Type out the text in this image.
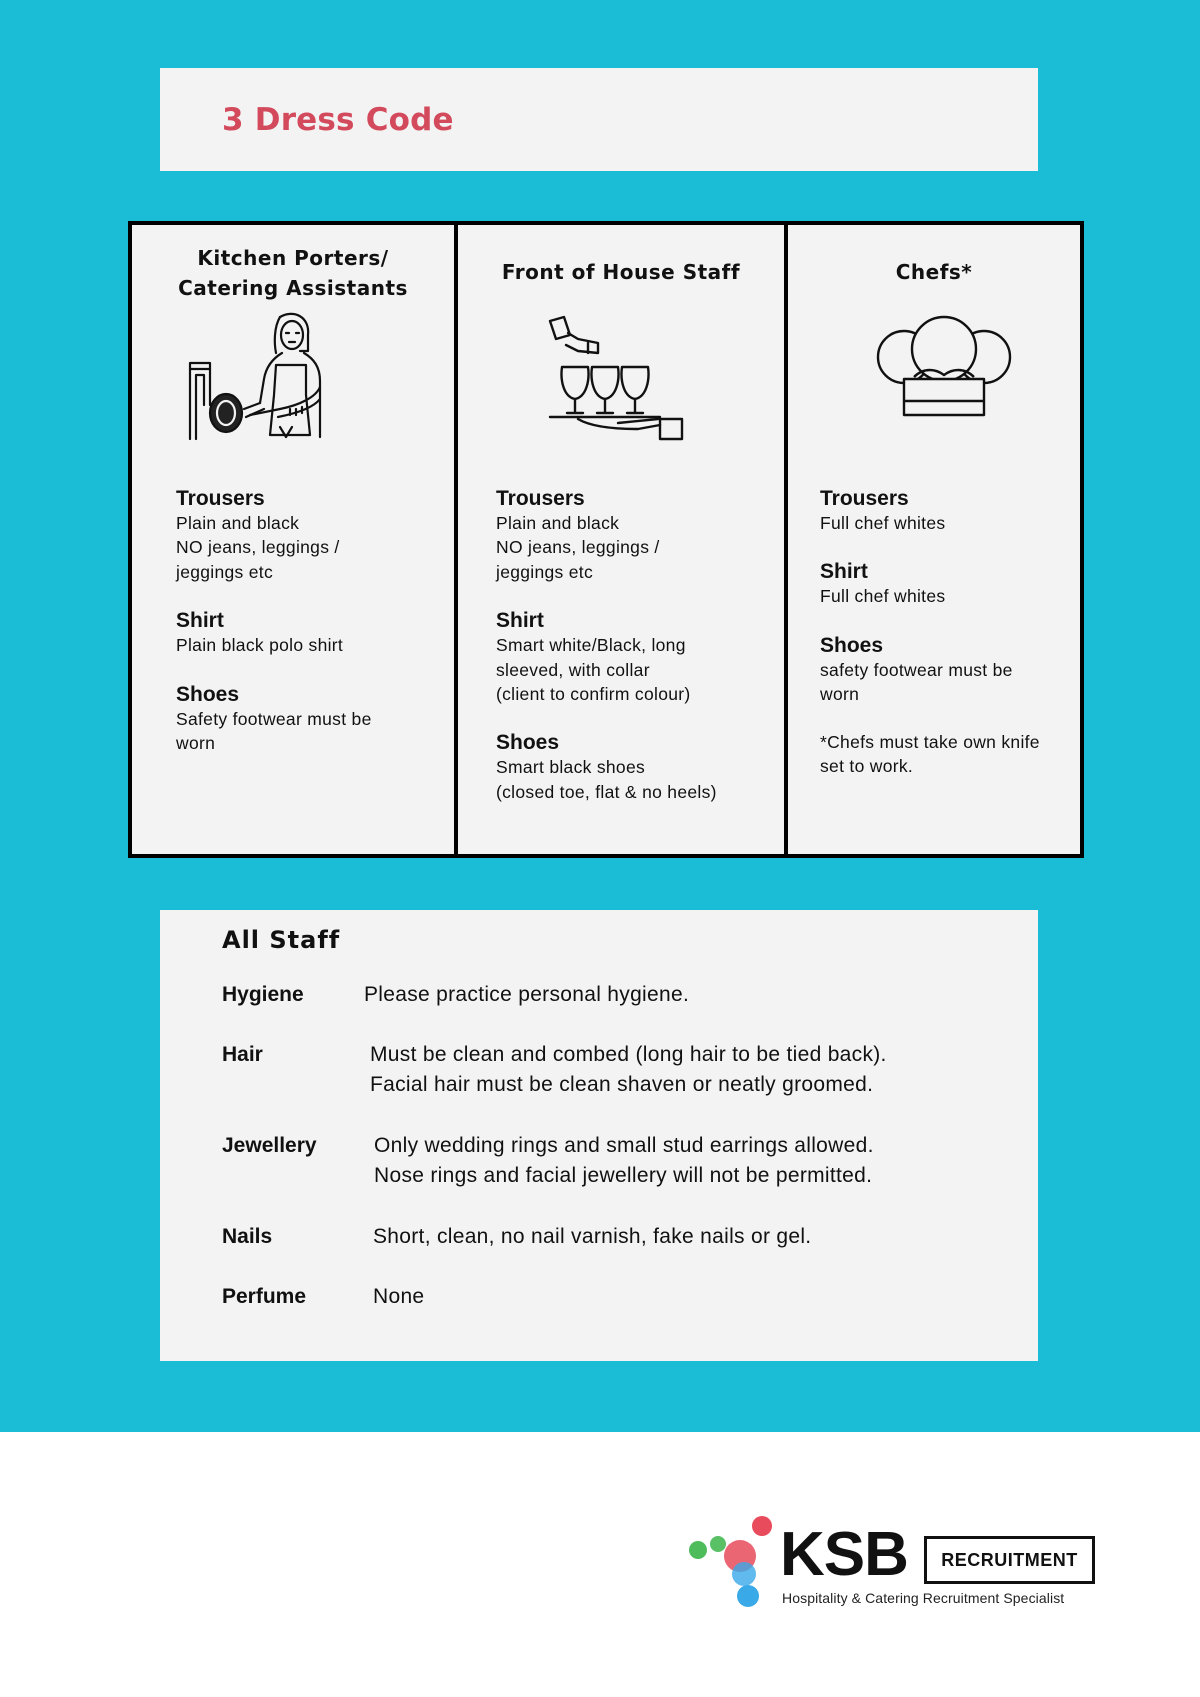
3 Dress Code
Kitchen Porters/
Catering Assistants
Trousers
Plain and black
NO jeans, leggings /
jeggings etc
Shirt
Plain black polo shirt
Shoes
Safety footwear must be
worn
Front of House Staff
Trousers
Plain and black
NO jeans, leggings /
jeggings etc
Shirt
Smart white/Black, long
sleeved, with collar
(client to confirm colour)
Shoes
Smart black shoes
(closed toe, flat & no heels)
Chefs*
Trousers
Full chef whites
Shirt
Full chef whites
Shoes
safety footwear must be
worn
*Chefs must take own knife
set to work.
All Staff
Hygiene	Please practice personal hygiene.
Hair	Must be clean and combed (long hair to be tied back).
Facial hair must be clean shaven or neatly groomed.
Jewellery	Only wedding rings and small stud earrings allowed.
Nose rings and facial jewellery will not be permitted.
Nails	Short, clean, no nail varnish, fake nails or gel.
Perfume	None
KSB	RECRUITMENT
Hospitality & Catering Recruitment Specialist
